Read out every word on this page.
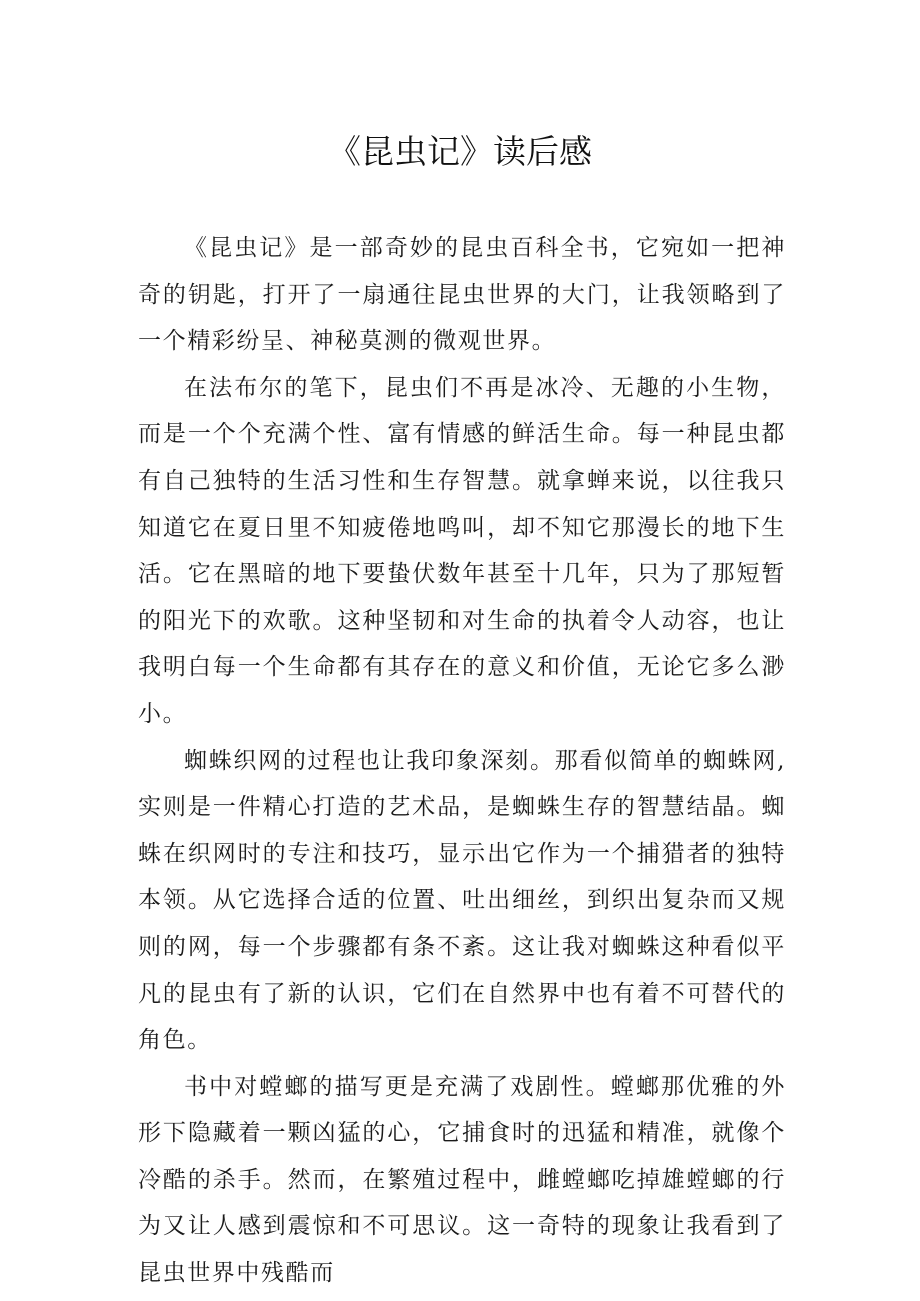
《昆虫记》读后感

《昆虫记》是一部奇妙的昆虫百科全书，它宛如一把神奇的钥匙，打开了一扇通往昆虫世界的大门，让我领略到了一个精彩纷呈、神秘莫测的微观世界。

在法布尔的笔下，昆虫们不再是冰冷、无趣的小生物，而是一个个充满个性、富有情感的鲜活生命。每一种昆虫都有自己独特的生活习性和生存智慧。就拿蝉来说，以往我只知道它在夏日里不知疲倦地鸣叫，却不知它那漫长的地下生活。它在黑暗的地下要蛰伏数年甚至十几年，只为了那短暂的阳光下的欢歌。这种坚韧和对生命的执着令人动容，也让我明白每一个生命都有其存在的意义和价值，无论它多么渺小。

蜘蛛织网的过程也让我印象深刻。那看似简单的蜘蛛网,实则是一件精心打造的艺术品，是蜘蛛生存的智慧结晶。蜘蛛在织网时的专注和技巧，显示出它作为一个捕猎者的独特本领。从它选择合适的位置、吐出细丝，到织出复杂而又规则的网，每一个步骤都有条不紊。这让我对蜘蛛这种看似平凡的昆虫有了新的认识，它们在自然界中也有着不可替代的角色。

书中对螳螂的描写更是充满了戏剧性。螳螂那优雅的外形下隐藏着一颗凶猛的心，它捕食时的迅猛和精准，就像个冷酷的杀手。然而，在繁殖过程中，雌螳螂吃掉雄螳螂的行为又让人感到震惊和不可思议。这一奇特的现象让我看到了昆虫世界中残酷而
